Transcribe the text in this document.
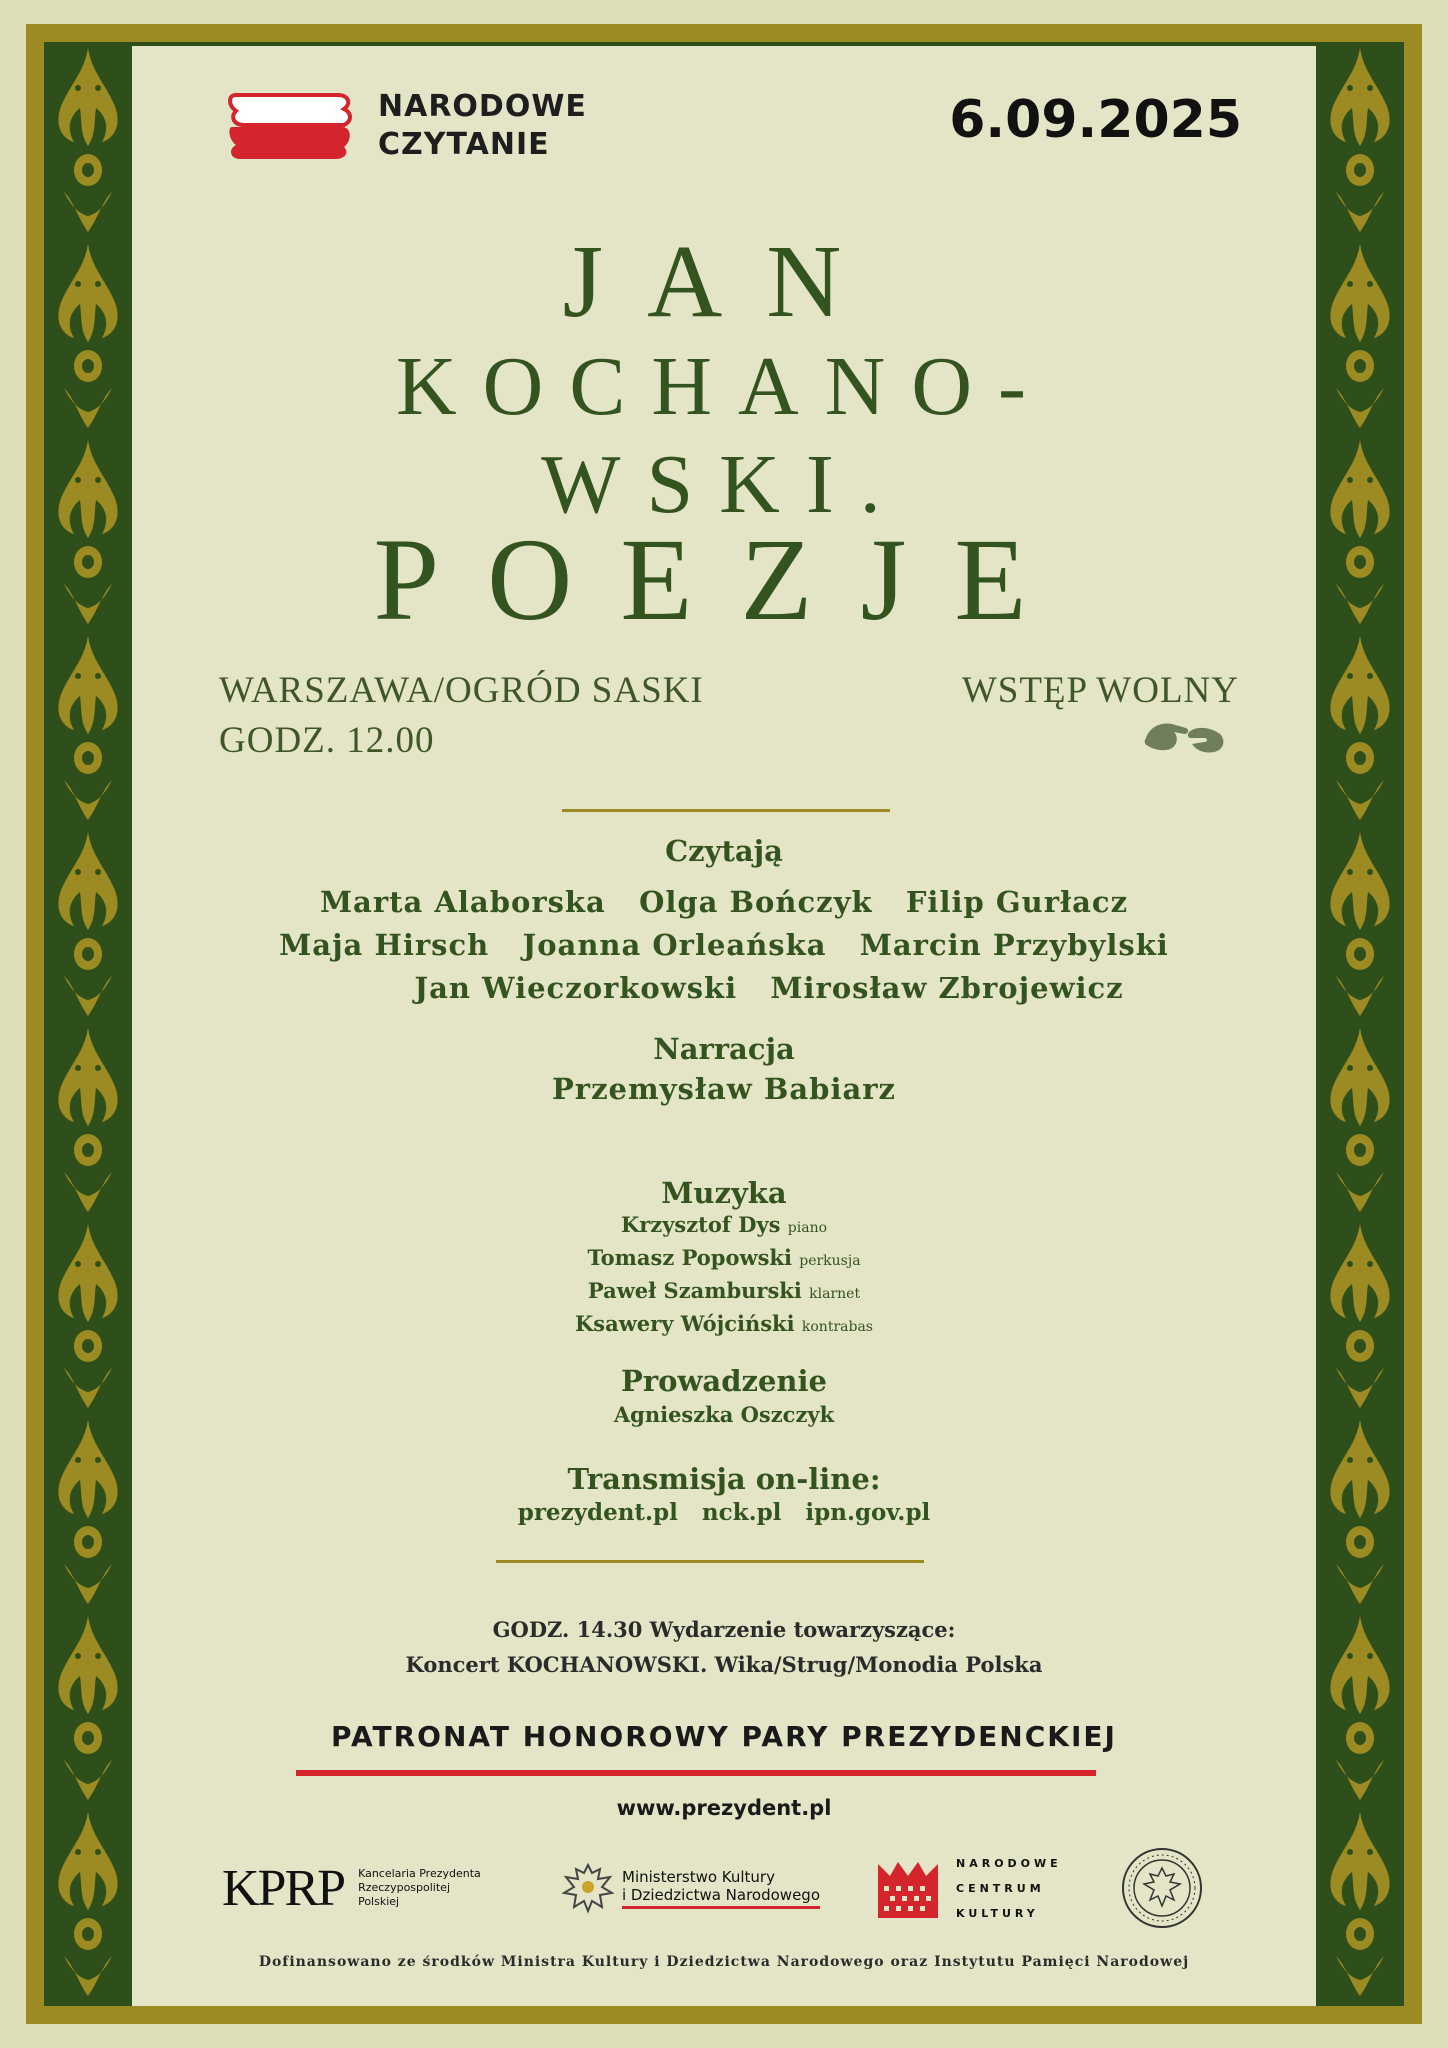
NARODOWE
CZYTANIE	6.09.2025
JAN
KOCHANO-
WSKI.
POEZJE
WARSZAWA/OGRÓD SASKI
GODZ. 12.00
WSTĘP WOLNY
Czytają
Marta Alaborska   Olga Bończyk   Filip Gurłacz
Maja Hirsch   Joanna Orleańska   Marcin Przybylski
Jan Wieczorkowski   Mirosław Zbrojewicz
Narracja
Przemysław Babiarz
Muzyka
Krzysztof Dys piano
Tomasz Popowski perkusja
Paweł Szamburski klarnet
Ksawery Wójciński kontrabas
Prowadzenie
Agnieszka Oszczyk
Transmisja on-line:
prezydent.pl   nck.pl   ipn.gov.pl
GODZ. 14.30 Wydarzenie towarzyszące:
Koncert KOCHANOWSKI. Wika/Strug/Monodia Polska
PATRONAT HONOROWY PARY PREZYDENCKIEJ
www.prezydent.pl
KPRP Kancelaria Prezydenta
Rzeczypospolitej
Polskiej
Ministerstwo Kultury
i Dziedzictwa Narodowego
NARODOWE
CENTRUM
KULTURY
Dofinansowano ze środków Ministra Kultury i Dziedzictwa Narodowego oraz Instytutu Pamięci Narodowej
